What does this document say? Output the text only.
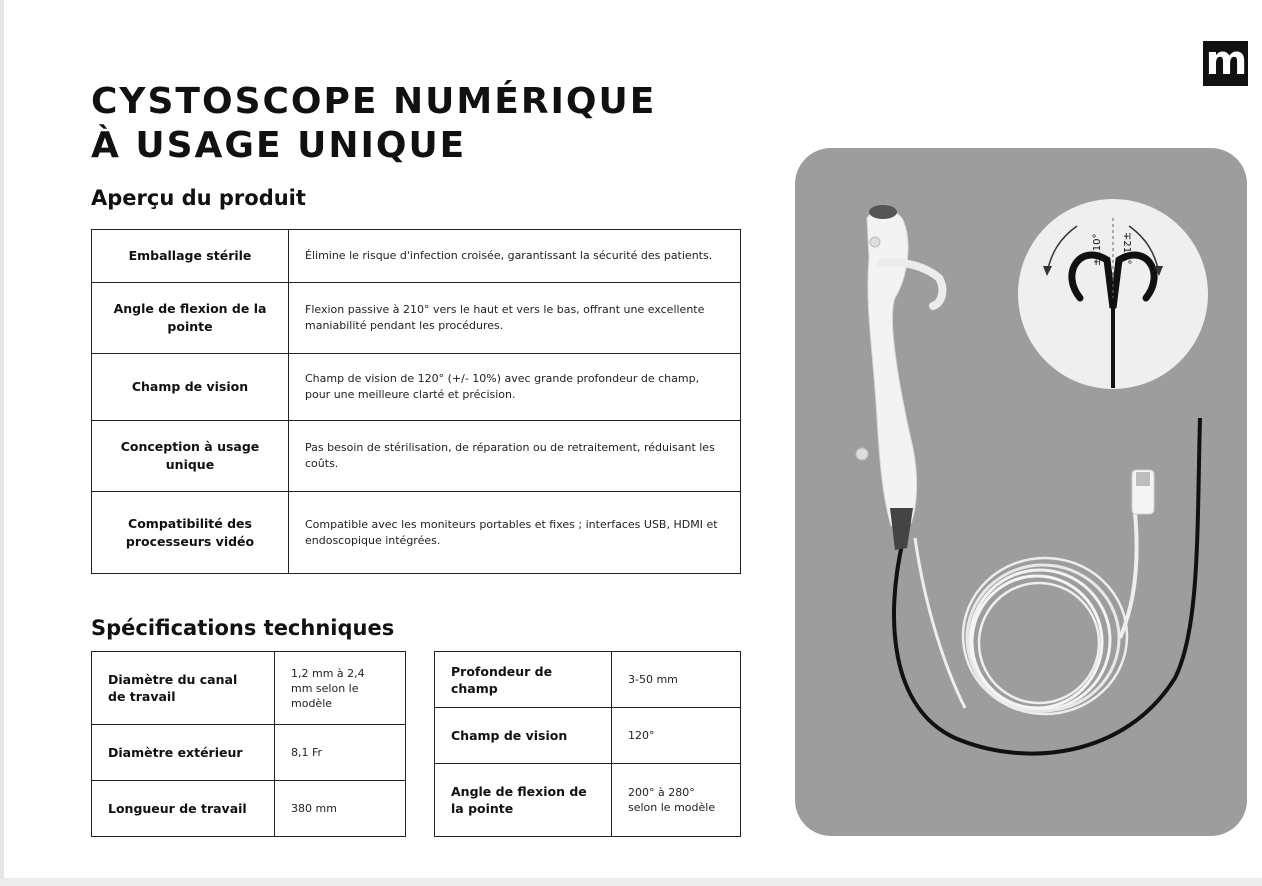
m
CYSTOSCOPE NUMÉRIQUE
À USAGE UNIQUE
Aperçu du produit
Emballage stérile	Élimine le risque d'infection croisée, garantissant la sécurité des patients.
Angle de flexion de la pointe	Flexion passive à 210° vers le haut et vers le bas, offrant une excellente maniabilité pendant les procédures.
Champ de vision	Champ de vision de 120° (+/- 10%) avec grande profondeur de champ, pour une meilleure clarté et précision.
Conception à usage unique	Pas besoin de stérilisation, de réparation ou de retraitement, réduisant les coûts.
Compatibilité des processeurs vidéo	Compatible avec les moniteurs portables et fixes ; interfaces USB, HDMI et endoscopique intégrées.
Spécifications techniques
Diamètre du canal de travail	1,2 mm à 2,4 mm selon le modèle
Diamètre extérieur	8,1 Fr
Longueur de travail	380 mm
Profondeur de champ	3-50 mm
Champ de vision	120°
Angle de flexion de la pointe	200° à 280° selon le modèle
±210° ∓210°
